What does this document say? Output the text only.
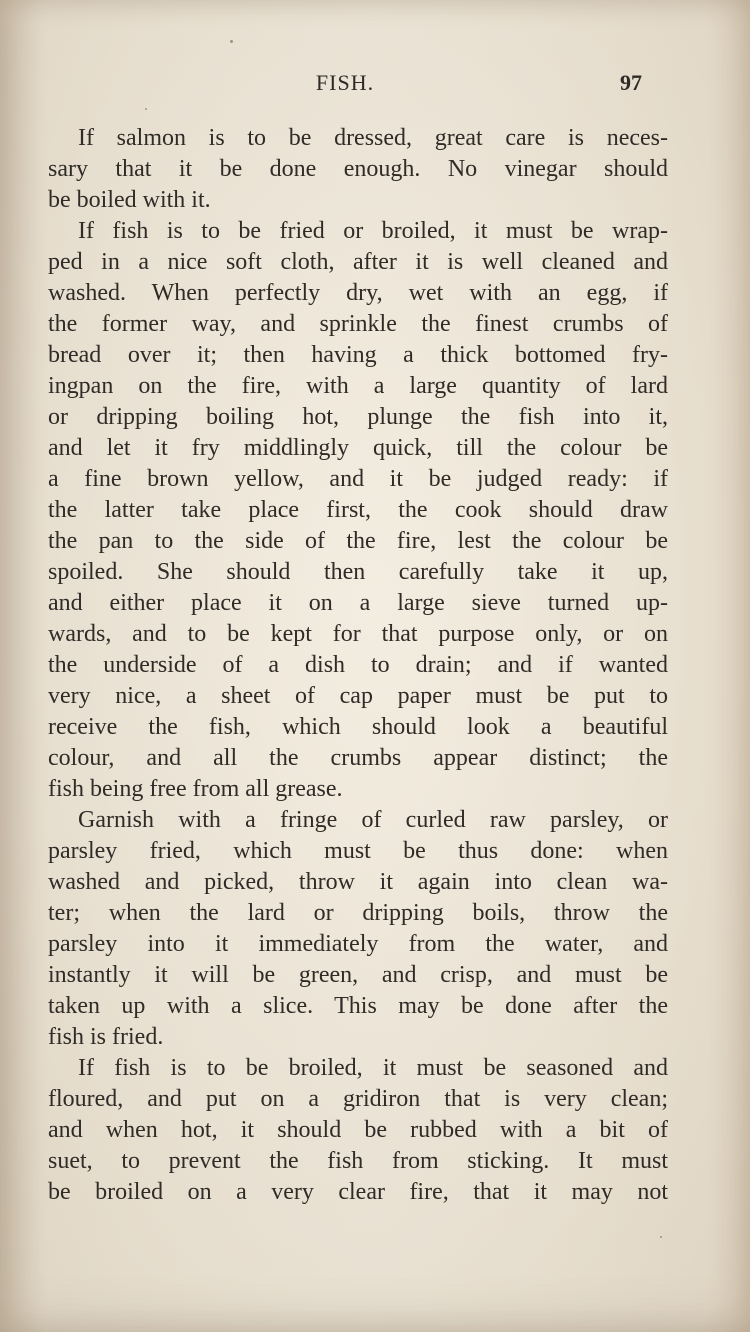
FISH.	97
If salmon is to be dressed, great care is neces-
sary that it be done enough. No vinegar should
be boiled with it.
If fish is to be fried or broiled, it must be wrap-
ped in a nice soft cloth, after it is well cleaned and
washed. When perfectly dry, wet with an egg, if
the former way, and sprinkle the finest crumbs of
bread over it; then having a thick bottomed fry-
ingpan on the fire, with a large quantity of lard
or dripping boiling hot, plunge the fish into it,
and let it fry middlingly quick, till the colour be
a fine brown yellow, and it be judged ready: if
the latter take place first, the cook should draw
the pan to the side of the fire, lest the colour be
spoiled. She should then carefully take it up,
and either place it on a large sieve turned up-
wards, and to be kept for that purpose only, or on
the underside of a dish to drain; and if wanted
very nice, a sheet of cap paper must be put to
receive the fish, which should look a beautiful
colour, and all the crumbs appear distinct; the
fish being free from all grease.
Garnish with a fringe of curled raw parsley, or
parsley fried, which must be thus done: when
washed and picked, throw it again into clean wa-
ter; when the lard or dripping boils, throw the
parsley into it immediately from the water, and
instantly it will be green, and crisp, and must be
taken up with a slice. This may be done after the
fish is fried.
If fish is to be broiled, it must be seasoned and
floured, and put on a gridiron that is very clean;
and when hot, it should be rubbed with a bit of
suet, to prevent the fish from sticking. It must
be broiled on a very clear fire, that it may not
